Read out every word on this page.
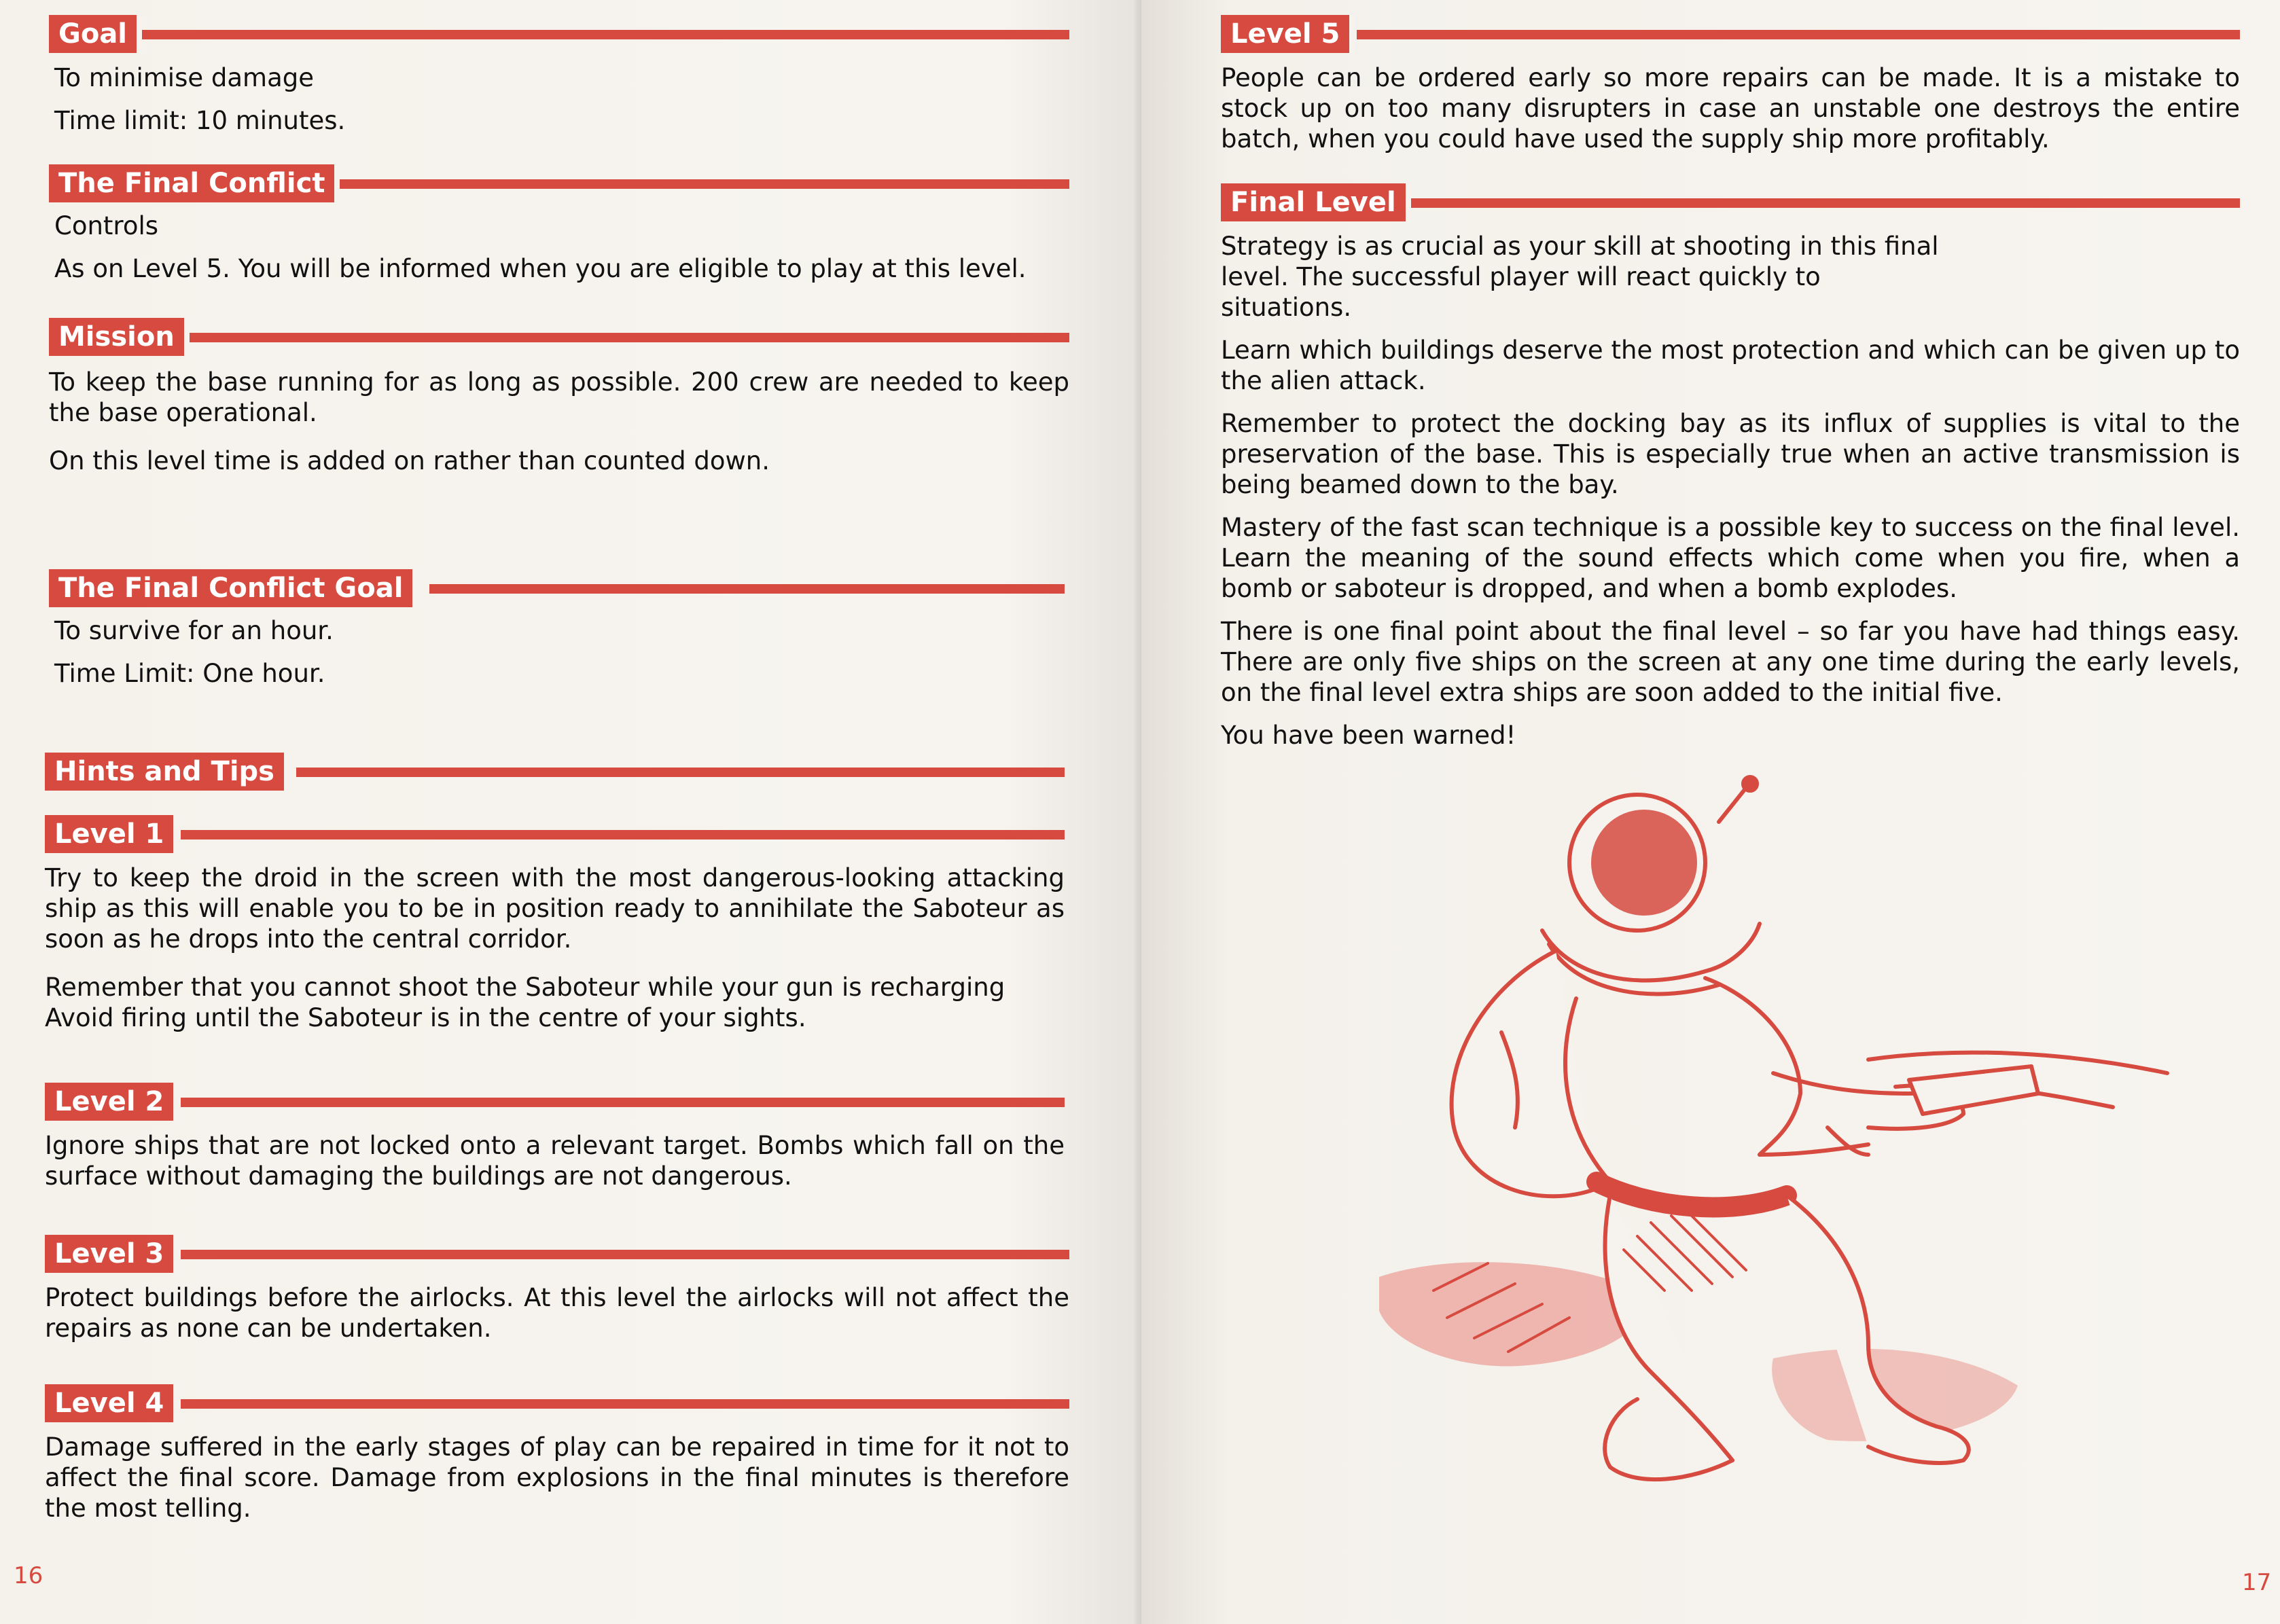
Goal

To minimise damage

Time limit: 10 minutes.

The Final Conflict

Controls

As on Level 5. You will be informed when you are eligible to play at this level.

Mission

To keep the base running for as long as possible. 200 crew are needed to keep the base operational.

On this level time is added on rather than counted down.

The Final Conflict Goal

To survive for an hour.

Time Limit: One hour.

Hints and Tips
Level 1

Try to keep the droid in the screen with the most dangerous-looking attacking ship as this will enable you to be in position ready to annihilate the Saboteur as soon as he drops into the central corridor.

Remember that you cannot shoot the Saboteur while your gun is recharging Avoid firing until the Saboteur is in the centre of your sights.

Level 2

Ignore ships that are not locked onto a relevant target. Bombs which fall on the surface without damaging the buildings are not dangerous.

Level 3

Protect buildings before the airlocks. At this level the airlocks will not affect the repairs as none can be undertaken.

Level 4

Damage suffered in the early stages of play can be repaired in time for it not to affect the final score. Damage from explosions in the final minutes is therefore the most telling.

16
Level 5

People can be ordered early so more repairs can be made. It is a mistake to stock up on too many disrupters in case an unstable one destroys the entire batch, when you could have used the supply ship more profitably.

Final Level

Strategy is as crucial as your skill at shooting in this final level. The successful player will react quickly to situations.

Learn which buildings deserve the most protection and which can be given up to the alien attack.

Remember to protect the docking bay as its influx of supplies is vital to the preservation of the base. This is especially true when an active transmission is being beamed down to the bay.

Mastery of the fast scan technique is a possible key to success on the final level. Learn the meaning of the sound effects which come when you fire, when a bomb or saboteur is dropped, and when a bomb explodes.

There is one final point about the final level – so far you have had things easy. There are only five ships on the screen at any one time during the early levels, on the final level extra ships are soon added to the initial five.

You have been warned!

17
